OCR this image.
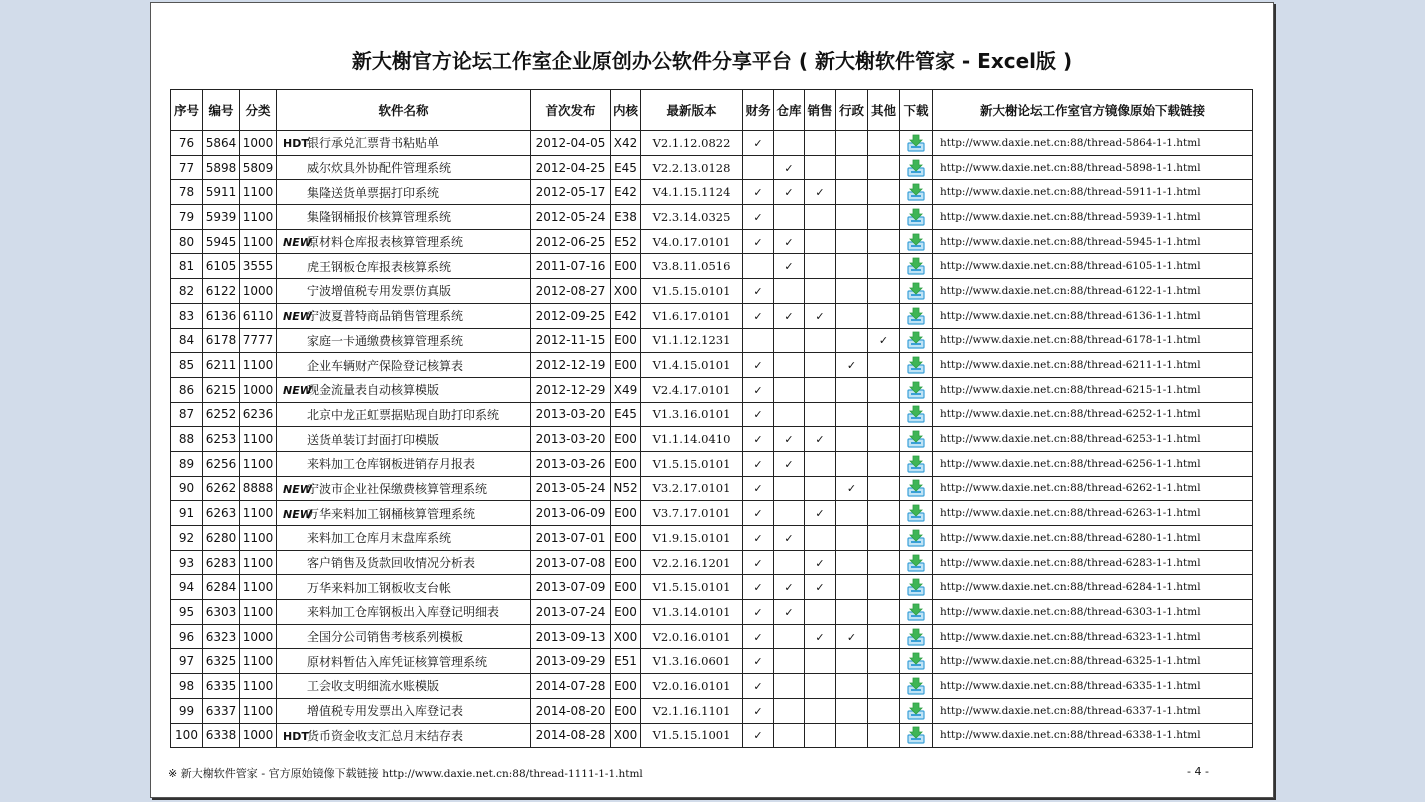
新大榭官方论坛工作室企业原创办公软件分享平台 ( 新大榭软件管家 - Excel版 )
序号	编号	分类	软件名称	首次发布	内核	最新版本	财务	仓库	销售	行政	其他	下载	新大榭论坛工作室官方镜像原始下载链接
76	5864	1000	HDT银行承兑汇票背书粘贴单	2012-04-05	X42	V2.1.12.0822	✓						http://www.daxie.net.cn:88/thread-5864-1-1.html
77	5898	5809	威尔炊具外协配件管理系统	2012-04-25	E45	V2.2.13.0128		✓					http://www.daxie.net.cn:88/thread-5898-1-1.html
78	5911	1100	集隆送货单票据打印系统	2012-05-17	E42	V4.1.15.1124	✓	✓	✓				http://www.daxie.net.cn:88/thread-5911-1-1.html
79	5939	1100	集隆钢桶报价核算管理系统	2012-05-24	E38	V2.3.14.0325	✓						http://www.daxie.net.cn:88/thread-5939-1-1.html
80	5945	1100	NEW原材料仓库报表核算管理系统	2012-06-25	E52	V4.0.17.0101	✓	✓					http://www.daxie.net.cn:88/thread-5945-1-1.html
81	6105	3555	虎王钢板仓库报表核算系统	2011-07-16	E00	V3.8.11.0516		✓					http://www.daxie.net.cn:88/thread-6105-1-1.html
82	6122	1000	宁波增值税专用发票仿真版	2012-08-27	X00	V1.5.15.0101	✓						http://www.daxie.net.cn:88/thread-6122-1-1.html
83	6136	6110	NEW宁波夏普特商品销售管理系统	2012-09-25	E42	V1.6.17.0101	✓	✓	✓				http://www.daxie.net.cn:88/thread-6136-1-1.html
84	6178	7777	家庭一卡通缴费核算管理系统	2012-11-15	E00	V1.1.12.1231					✓		http://www.daxie.net.cn:88/thread-6178-1-1.html
85	6211	1100	企业车辆财产保险登记核算表	2012-12-19	E00	V1.4.15.0101	✓			✓			http://www.daxie.net.cn:88/thread-6211-1-1.html
86	6215	1000	NEW现金流量表自动核算模版	2012-12-29	X49	V2.4.17.0101	✓						http://www.daxie.net.cn:88/thread-6215-1-1.html
87	6252	6236	北京中龙正虹票据贴现自助打印系统	2013-03-20	E45	V1.3.16.0101	✓						http://www.daxie.net.cn:88/thread-6252-1-1.html
88	6253	1100	送货单装订封面打印模版	2013-03-20	E00	V1.1.14.0410	✓	✓	✓				http://www.daxie.net.cn:88/thread-6253-1-1.html
89	6256	1100	来料加工仓库钢板进销存月报表	2013-03-26	E00	V1.5.15.0101	✓	✓					http://www.daxie.net.cn:88/thread-6256-1-1.html
90	6262	8888	NEW宁波市企业社保缴费核算管理系统	2013-05-24	N52	V3.2.17.0101	✓			✓			http://www.daxie.net.cn:88/thread-6262-1-1.html
91	6263	1100	NEW万华来料加工钢桶核算管理系统	2013-06-09	E00	V3.7.17.0101	✓		✓				http://www.daxie.net.cn:88/thread-6263-1-1.html
92	6280	1100	来料加工仓库月末盘库系统	2013-07-01	E00	V1.9.15.0101	✓	✓					http://www.daxie.net.cn:88/thread-6280-1-1.html
93	6283	1100	客户销售及货款回收情况分析表	2013-07-08	E00	V2.2.16.1201	✓		✓				http://www.daxie.net.cn:88/thread-6283-1-1.html
94	6284	1100	万华来料加工钢板收支台帐	2013-07-09	E00	V1.5.15.0101	✓	✓	✓				http://www.daxie.net.cn:88/thread-6284-1-1.html
95	6303	1100	来料加工仓库钢板出入库登记明细表	2013-07-24	E00	V1.3.14.0101	✓	✓					http://www.daxie.net.cn:88/thread-6303-1-1.html
96	6323	1000	全国分公司销售考核系列模板	2013-09-13	X00	V2.0.16.0101	✓		✓	✓			http://www.daxie.net.cn:88/thread-6323-1-1.html
97	6325	1100	原材料暂估入库凭证核算管理系统	2013-09-29	E51	V1.3.16.0601	✓						http://www.daxie.net.cn:88/thread-6325-1-1.html
98	6335	1100	工会收支明细流水账模版	2014-07-28	E00	V2.0.16.0101	✓						http://www.daxie.net.cn:88/thread-6335-1-1.html
99	6337	1100	增值税专用发票出入库登记表	2014-08-20	E00	V2.1.16.1101	✓						http://www.daxie.net.cn:88/thread-6337-1-1.html
100	6338	1000	HDT货币资金收支汇总月末结存表	2014-08-28	X00	V1.5.15.1001	✓						http://www.daxie.net.cn:88/thread-6338-1-1.html
※ 新大榭软件管家 - 官方原始镜像下载链接 http://www.daxie.net.cn:88/thread-1111-1-1.html	- 4 -
